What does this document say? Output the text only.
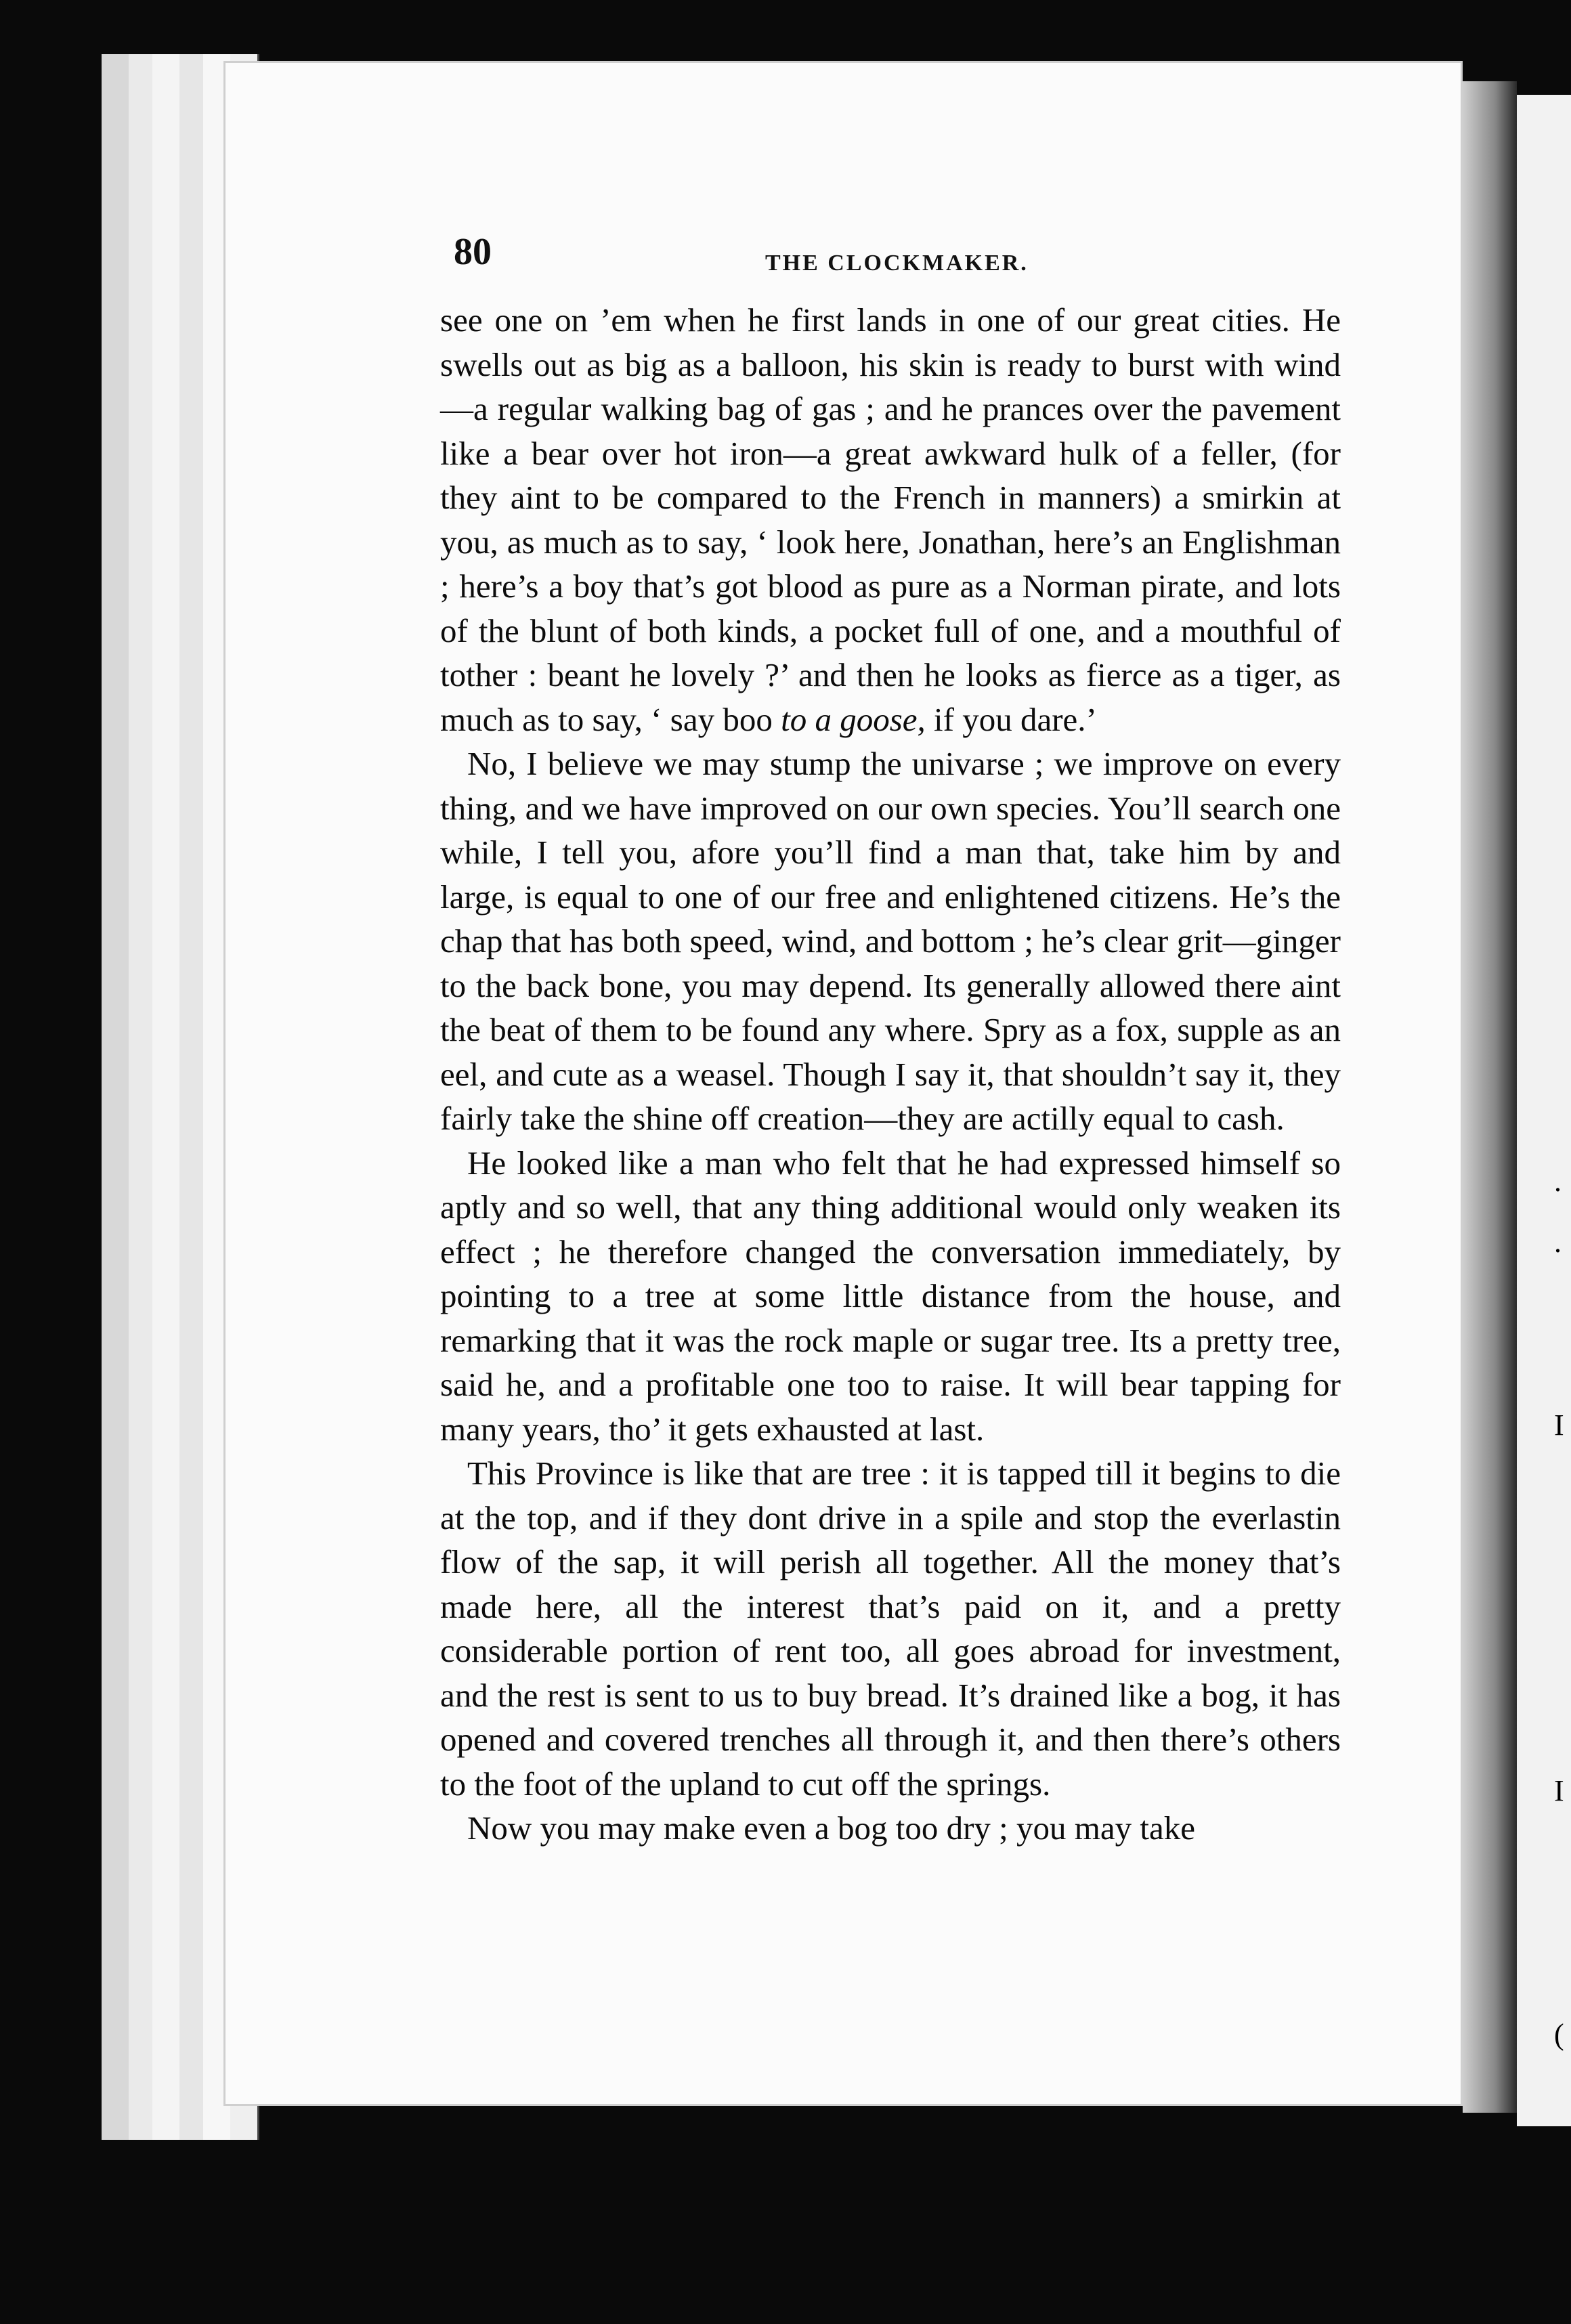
.
.

I

I

(

80	THE CLOCKMAKER.

see one on ’em when he first lands in one of our great cities. He swells out as big as a balloon, his skin is ready to burst with wind—a regular walking bag of gas ; and he prances over the pavement like a bear over hot iron—a great awkward hulk of a feller, (for they aint to be compared to the French in manners) a smirkin at you, as much as to say, ‘ look here, Jonathan, here’s an Englishman ; here’s a boy that’s got blood as pure as a Norman pirate, and lots of the blunt of both kinds, a pocket full of one, and a mouthful of tother : beant he lovely ?’ and then he looks as fierce as a tiger, as much as to say, ‘ say boo to a goose, if you dare.’

No, I believe we may stump the univarse ; we improve on every thing, and we have improved on our own species. You’ll search one while, I tell you, afore you’ll find a man that, take him by and large, is equal to one of our free and enlightened citizens. He’s the chap that has both speed, wind, and bottom ; he’s clear grit—ginger to the back bone, you may depend. Its generally allowed there aint the beat of them to be found any where. Spry as a fox, supple as an eel, and cute as a weasel. Though I say it, that shouldn’t say it, they fairly take the shine off creation—they are actilly equal to cash.

He looked like a man who felt that he had expressed himself so aptly and so well, that any thing additional would only weaken its effect ; he therefore changed the conversation immediately, by pointing to a tree at some little distance from the house, and remarking that it was the rock maple or sugar tree. Its a pretty tree, said he, and a profitable one too to raise. It will bear tapping for many years, tho’ it gets exhausted at last.

This Province is like that are tree : it is tapped till it begins to die at the top, and if they dont drive in a spile and stop the everlastin flow of the sap, it will perish all together. All the money that’s made here, all the interest that’s paid on it, and a pretty considerable portion of rent too, all goes abroad for investment, and the rest is sent to us to buy bread. It’s drained like a bog, it has opened and covered trenches all through it, and then there’s others to the foot of the upland to cut off the springs.

Now you may make even a bog too dry ; you may take
